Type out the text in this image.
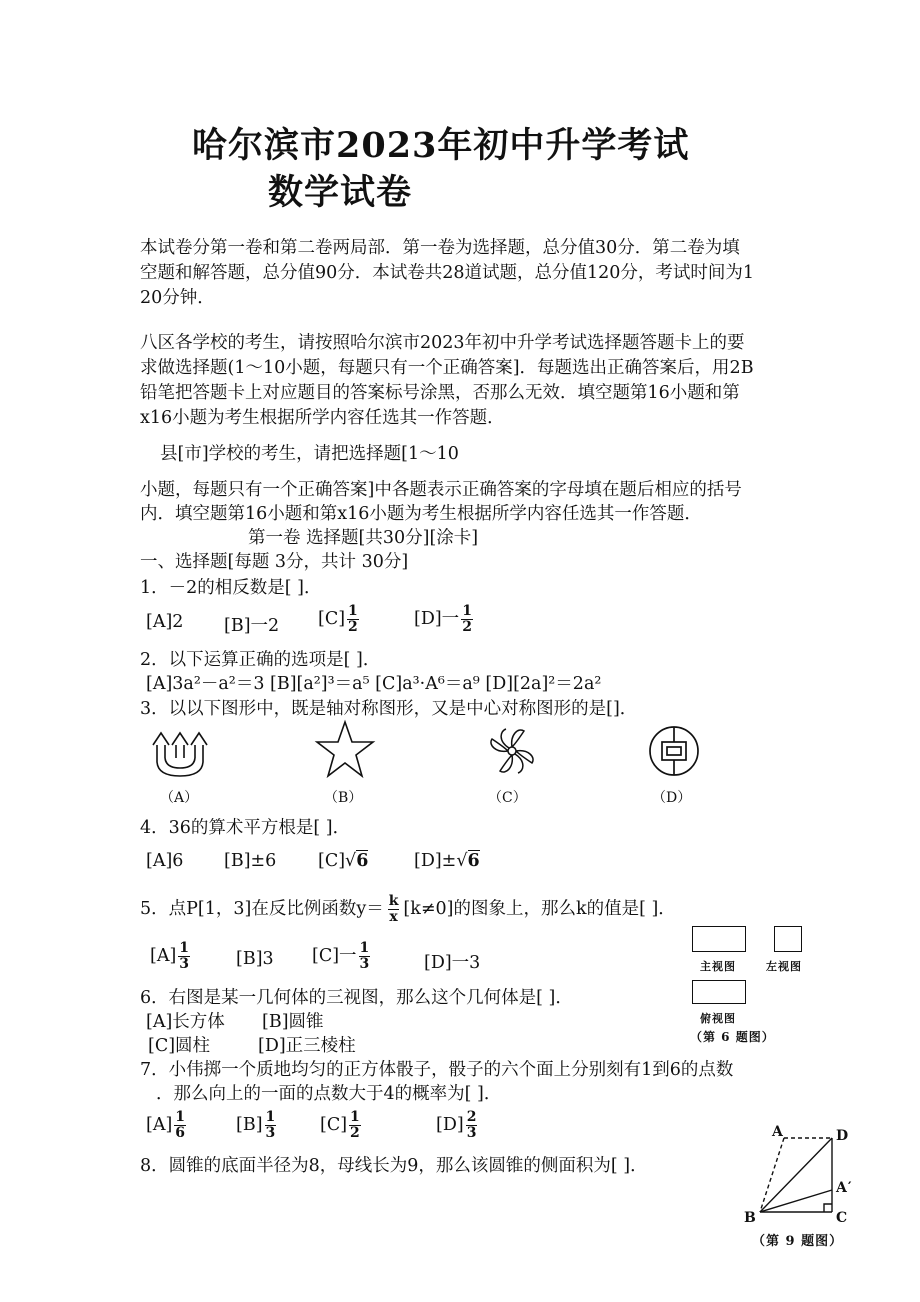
哈尔滨市2023年初中升学考试
数学试卷
本试卷分第一卷和第二卷两局部．第一卷为选择题，总分值30分．第二卷为填
空题和解答题，总分值90分．本试卷共28道试题，总分值120分，考试时间为1
20分钟．
八区各学校的考生，请按照哈尔滨市2023年初中升学考试选择题答题卡上的要
求做选择题(1～10小题，每题只有一个正确答案]．每题选出正确答案后，用2B
铅笔把答题卡上对应题目的答案标号涂黑，否那么无效．填空题第16小题和第
x16小题为考生根据所学内容任选其一作答题．
县[市]学校的考生，请把选择题[1～10
小题，每题只有一个正确答案]中各题表示正确答案的字母填在题后相应的括号
内．填空题第16小题和第x16小题为考生根据所学内容任选其一作答题．
第一卷 选择题[共30分][涂卡]
一、选择题[每题 3分，共计 30分]
1．－2的相反数是[ ]．
[A]2 [B]一2 $[C] \frac{1}{2}$	[D]一 $\frac{1}{2}$
2．以下运算正确的选项是[ ]．
[A]3a²－a²＝3 [B][a²]³＝a⁵ [C]a³·A⁶＝a⁹ [D][2a]²＝2a²
3．以以下图形中，既是轴对称图形，又是中心对称图形的是[]．
（A）	（B）	（C）	（D）
4．36的算术平方根是[ ]．
[A]6 [B]±6 [C]√6	[D]±√6
5．点P[1，3]在反比例函数$y= \frac{k}{x} [k\ne 0]$的图象上，那么k的值是[ ]．
$[A] \frac{1}{3}$	[B]3 [C]一 $\frac{1}{3}$	[D]一3	主视图	左视图
俯视图
（第 6 题图）
6．右图是某一几何体的三视图，那么这个几何体是[ ]．
[A]长方体 [B]圆锥
[C]圆柱	[D]正三棱柱
7．小伟掷一个质地均匀的正方体骰子，骰子的六个面上分别刻有1到6的点数
．那么向上的一面的点数大于4的概率为[ ]．
$[A] \frac{1}{6}$	$[B] \frac{1}{3} [C] \frac{1}{2}$	$[D] \frac{2}{3}$
8．圆锥的底面半径为8，母线长为9，那么该圆锥的侧面积为[ ]．
A	D
A′
B	C
（第 9 题图）
